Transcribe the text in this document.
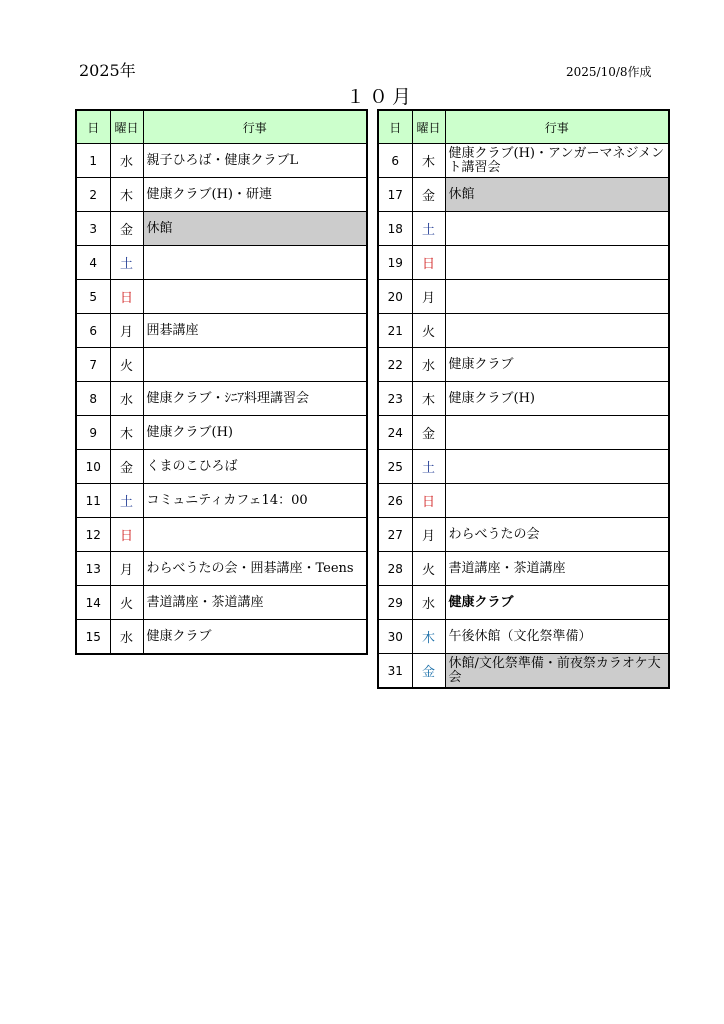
2025年	2025/10/8作成
１０月
日	曜日	行事
1	水	親子ひろば・健康クラブL
2	木	健康クラブ(H)・研連
3	金	休館
4	土	
5	日	
6	月	囲碁講座
7	火	
8	水	健康クラブ・ｼﾆｱ料理講習会
9	木	健康クラブ(H)
10	金	くまのこひろば
11	土	コミュニティカフェ14：00
12	日	
13	月	わらべうたの会・囲碁講座・Teens
14	火	書道講座・茶道講座
15	水	健康クラブ
日	曜日	行事
6	木	健康クラブ(H)・アンガーマネジメント講習会
17	金	休館
18	土	
19	日	
20	月	
21	火	
22	水	健康クラブ
23	木	健康クラブ(H)
24	金	
25	土	
26	日	
27	月	わらべうたの会
28	火	書道講座・茶道講座
29	水	健康クラブ
30	木	午後休館（文化祭準備）
31	金	休館/文化祭準備・前夜祭カラオケ大会
